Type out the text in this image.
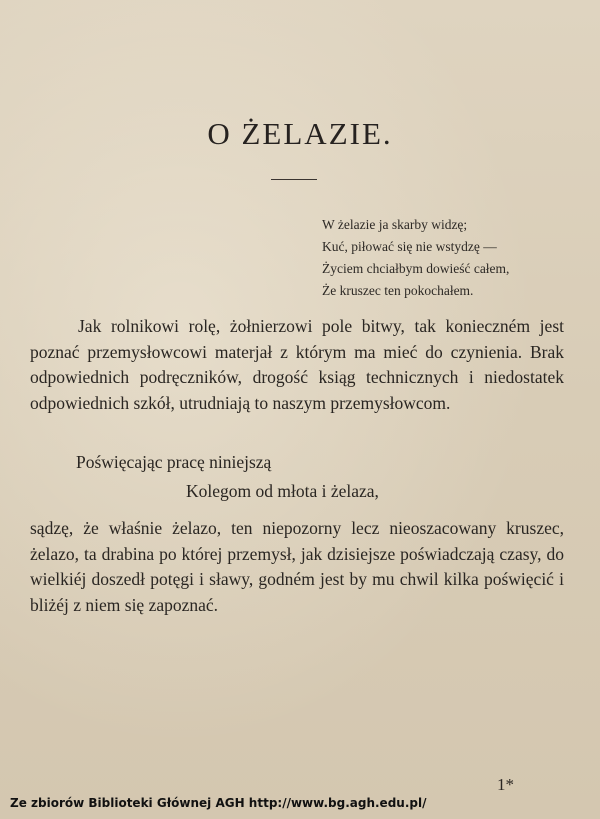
O ŻELAZIE.
W żelazie ja skarby widzę;
Kuć, piłować się nie wstydzę —
Życiem chciałbym dowieść całem,
Że kruszec ten pokochałem.
Jak rolnikowi rolę, żołnierzowi pole bitwy, tak konieczném jest poznać przemysłowcowi materjał z którym ma mieć do czynienia. Brak odpowiednich podręczników, drogość ksiąg technicznych i niedostatek odpowiednich szkół, utrudniają to naszym przemysłowcom.
Poświęcając pracę niniejszą
Kolegom od młota i żelaza,
sądzę, że właśnie żelazo, ten niepozorny lecz nieoszacowany kruszec, żelazo, ta drabina po której przemysł, jak dzisiejsze poświadczają czasy, do wielkiéj doszedł potęgi i sławy, godném jest by mu chwil kilka poświęcić i bliżéj z niem się zapoznać.
1*
Ze zbiorów Biblioteki Głównej AGH http://www.bg.agh.edu.pl/
